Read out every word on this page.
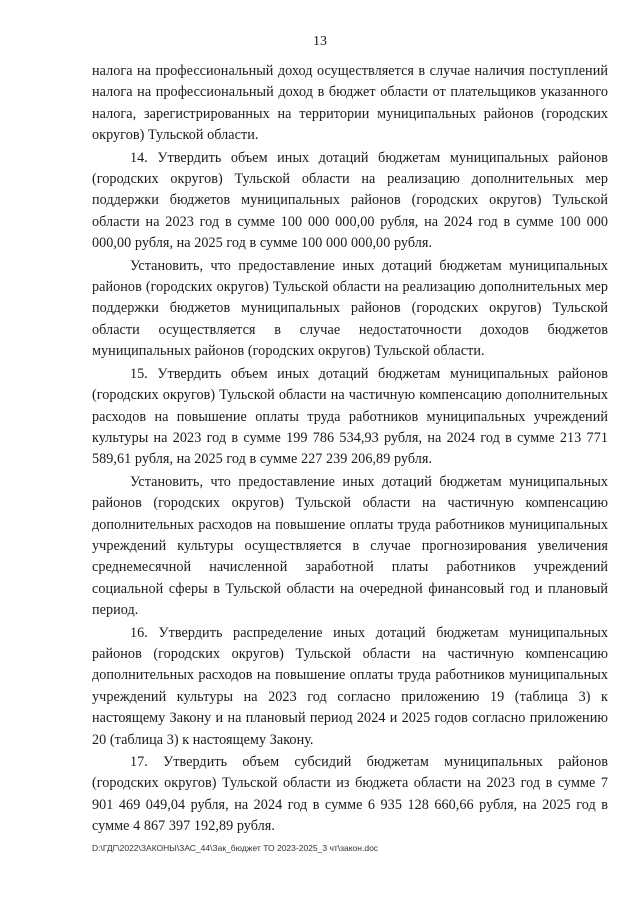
13

налога на профессиональный доход осуществляется в случае наличия поступлений налога на профессиональный доход в бюджет области от плательщиков указанного налога, зарегистрированных на территории муниципальных районов (городских округов) Тульской области.

14. Утвердить объем иных дотаций бюджетам муниципальных районов (городских округов) Тульской области на реализацию дополнительных мер поддержки бюджетов муниципальных районов (городских округов) Тульской области на 2023 год в сумме 100 000 000,00 рубля, на 2024 год в сумме 100 000 000,00 рубля, на 2025 год в сумме 100 000 000,00 рубля.

Установить, что предоставление иных дотаций бюджетам муниципальных районов (городских округов) Тульской области на реализацию дополнительных мер поддержки бюджетов муниципальных районов (городских округов) Тульской области осуществляется в случае недостаточности доходов бюджетов муниципальных районов (городских округов) Тульской области.

15. Утвердить объем иных дотаций бюджетам муниципальных районов (городских округов) Тульской области на частичную компенсацию дополнительных расходов на повышение оплаты труда работников муниципальных учреждений культуры на 2023 год в сумме 199 786 534,93 рубля, на 2024 год в сумме 213 771 589,61 рубля, на 2025 год в сумме 227 239 206,89 рубля.

Установить, что предоставление иных дотаций бюджетам муниципальных районов (городских округов) Тульской области на частичную компенсацию дополнительных расходов на повышение оплаты труда работников муниципальных учреждений культуры осуществляется в случае прогнозирования увеличения среднемесячной начисленной заработной платы работников учреждений социальной сферы в Тульской области на очередной финансовый год и плановый период.

16. Утвердить распределение иных дотаций бюджетам муниципальных районов (городских округов) Тульской области на частичную компенсацию дополнительных расходов на повышение оплаты труда работников муниципальных учреждений культуры на 2023 год согласно приложению 19 (таблица 3) к настоящему Закону и на плановый период 2024 и 2025 годов согласно приложению 20 (таблица 3) к настоящему Закону.

17. Утвердить объем субсидий бюджетам муниципальных районов (городских округов) Тульской области из бюджета области на 2023 год в сумме 7 901 469 049,04 рубля, на 2024 год в сумме 6 935 128 660,66 рубля, на 2025 год в сумме 4 867 397 192,89 рубля.

D:\ГДГ\2022\ЗАКОНЫ\ЗАС_44\Зак_бюджет ТО 2023-2025_3 чт\закон.doc
